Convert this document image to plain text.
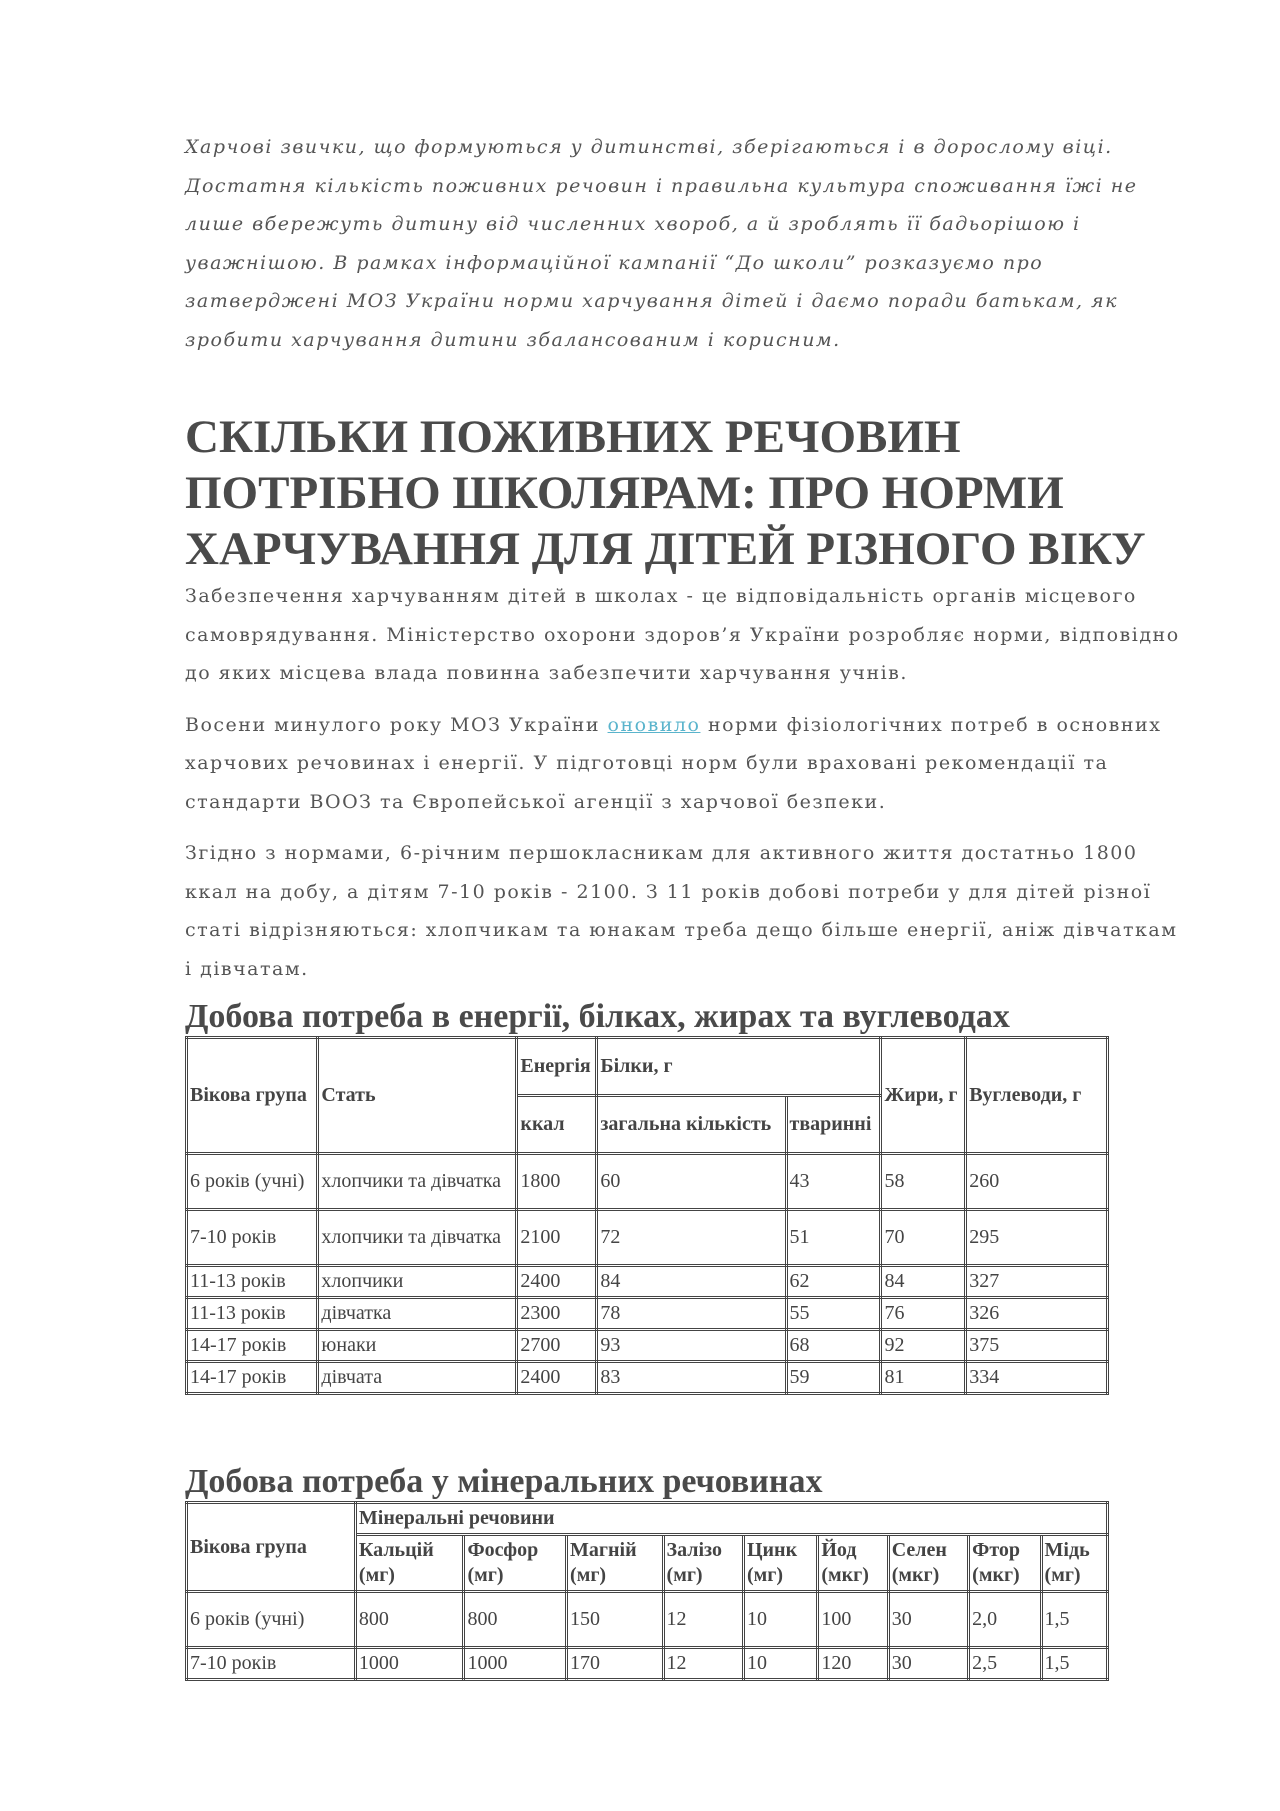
Харчові звички, що формуються у дитинстві, зберігаються і в дорослому віці. Достатня кількість поживних речовин і правильна культура споживання їжі не лише вбережуть дитину від численних хвороб, а й зроблять її бадьорішою і уважнішою. В рамках інформаційної кампанії “До школи” розказуємо про затверджені МОЗ України норми харчування дітей і даємо поради батькам, як зробити харчування дитини збалансованим і корисним.

СКІЛЬКИ ПОЖИВНИХ РЕЧОВИН ПОТРІБНО ШКОЛЯРАМ: ПРО НОРМИ ХАРЧУВАННЯ ДЛЯ ДІТЕЙ РІЗНОГО ВІКУ

Забезпечення харчуванням дітей в школах - це відповідальність органів місцевого самоврядування. Міністерство охорони здоров’я України розробляє норми, відповідно до яких місцева влада повинна забезпечити харчування учнів.

Восени минулого року МОЗ України оновило норми фізіологічних потреб в основних харчових речовинах і енергії. У підготовці норм були враховані рекомендації та стандарти ВООЗ та Європейської агенції з харчової безпеки.

Згідно з нормами, 6-річним першокласникам для активного життя достатньо 1800 ккал на добу, а дітям 7-10 років - 2100. З 11 років добові потреби у для дітей різної статі відрізняються: хлопчикам та юнакам треба дещо більше енергії, аніж дівчаткам і дівчатам.

Добова потреба в енергії, білках, жирах та вуглеводах
Вікова група	Стать	Енергія	Білки, г		Жири, г	Вуглеводи, г
		ккал	загальна кількість	тваринні		
6 років (учні)	хлопчики та дівчатка	1800	60	43	58	260
7-10 років	хлопчики та дівчатка	2100	72	51	70	295
11-13 років	хлопчики	2400	84	62	84	327
11-13 років	дівчатка	2300	78	55	76	326
14-17 років	юнаки	2700	93	68	92	375
14-17 років	дівчата	2400	83	59	81	334
Добова потреба у мінеральних речовинах
Вікова група	Мінеральні речовини								
	Кальцій (мг)	Фосфор (мг)	Магній (мг)	Залізо (мг)	Цинк (мг)	Йод (мкг)	Селен (мкг)	Фтор (мкг)	Мідь (мг)
6 років (учні)	800	800	150	12	10	100	30	2,0	1,5
7-10 років	1000	1000	170	12	10	120	30	2,5	1,5
